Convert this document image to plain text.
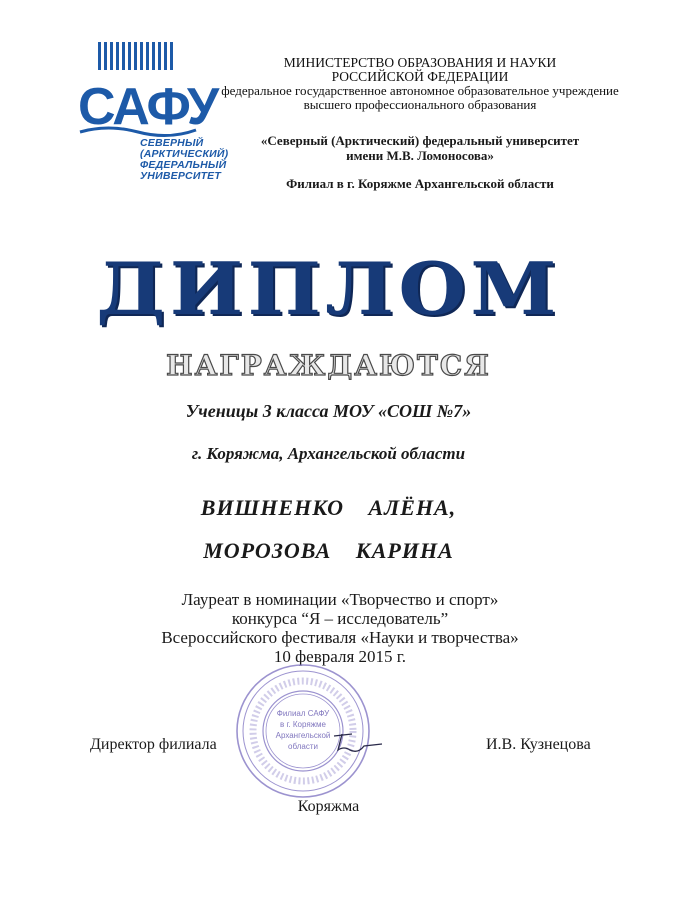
САФУ
СЕВЕРНЫЙ
(АРКТИЧЕСКИЙ)
ФЕДЕРАЛЬНЫЙ
УНИВЕРСИТЕТ
МИНИСТЕРСТВО ОБРАЗОВАНИЯ И НАУКИ
РОССИЙСКОЙ ФЕДЕРАЦИИ
федеральное государственное автономное образовательное учреждение
высшего профессионального образования
«Северный (Арктический) федеральный университет
имени М.В. Ломоносова»
Филиал в г. Коряжме Архангельской области
ДИПЛОМ
НАГРАЖДАЮТСЯ
Ученицы 3 класса МОУ «СОШ №7»
г. Коряжма, Архангельской области
ВИШНЕНКО АЛЁНА,
МОРОЗОВА КАРИНА
Лауреат в номинации «Творчество и спорт»
конкурса “Я – исследователь”
Всероссийского фестиваля «Науки и творчества»
10 февраля 2015 г.
Филиал САФУ
в г. Коряжме
Архангельской
области
Директор филиала	И.В. Кузнецова
Коряжма
